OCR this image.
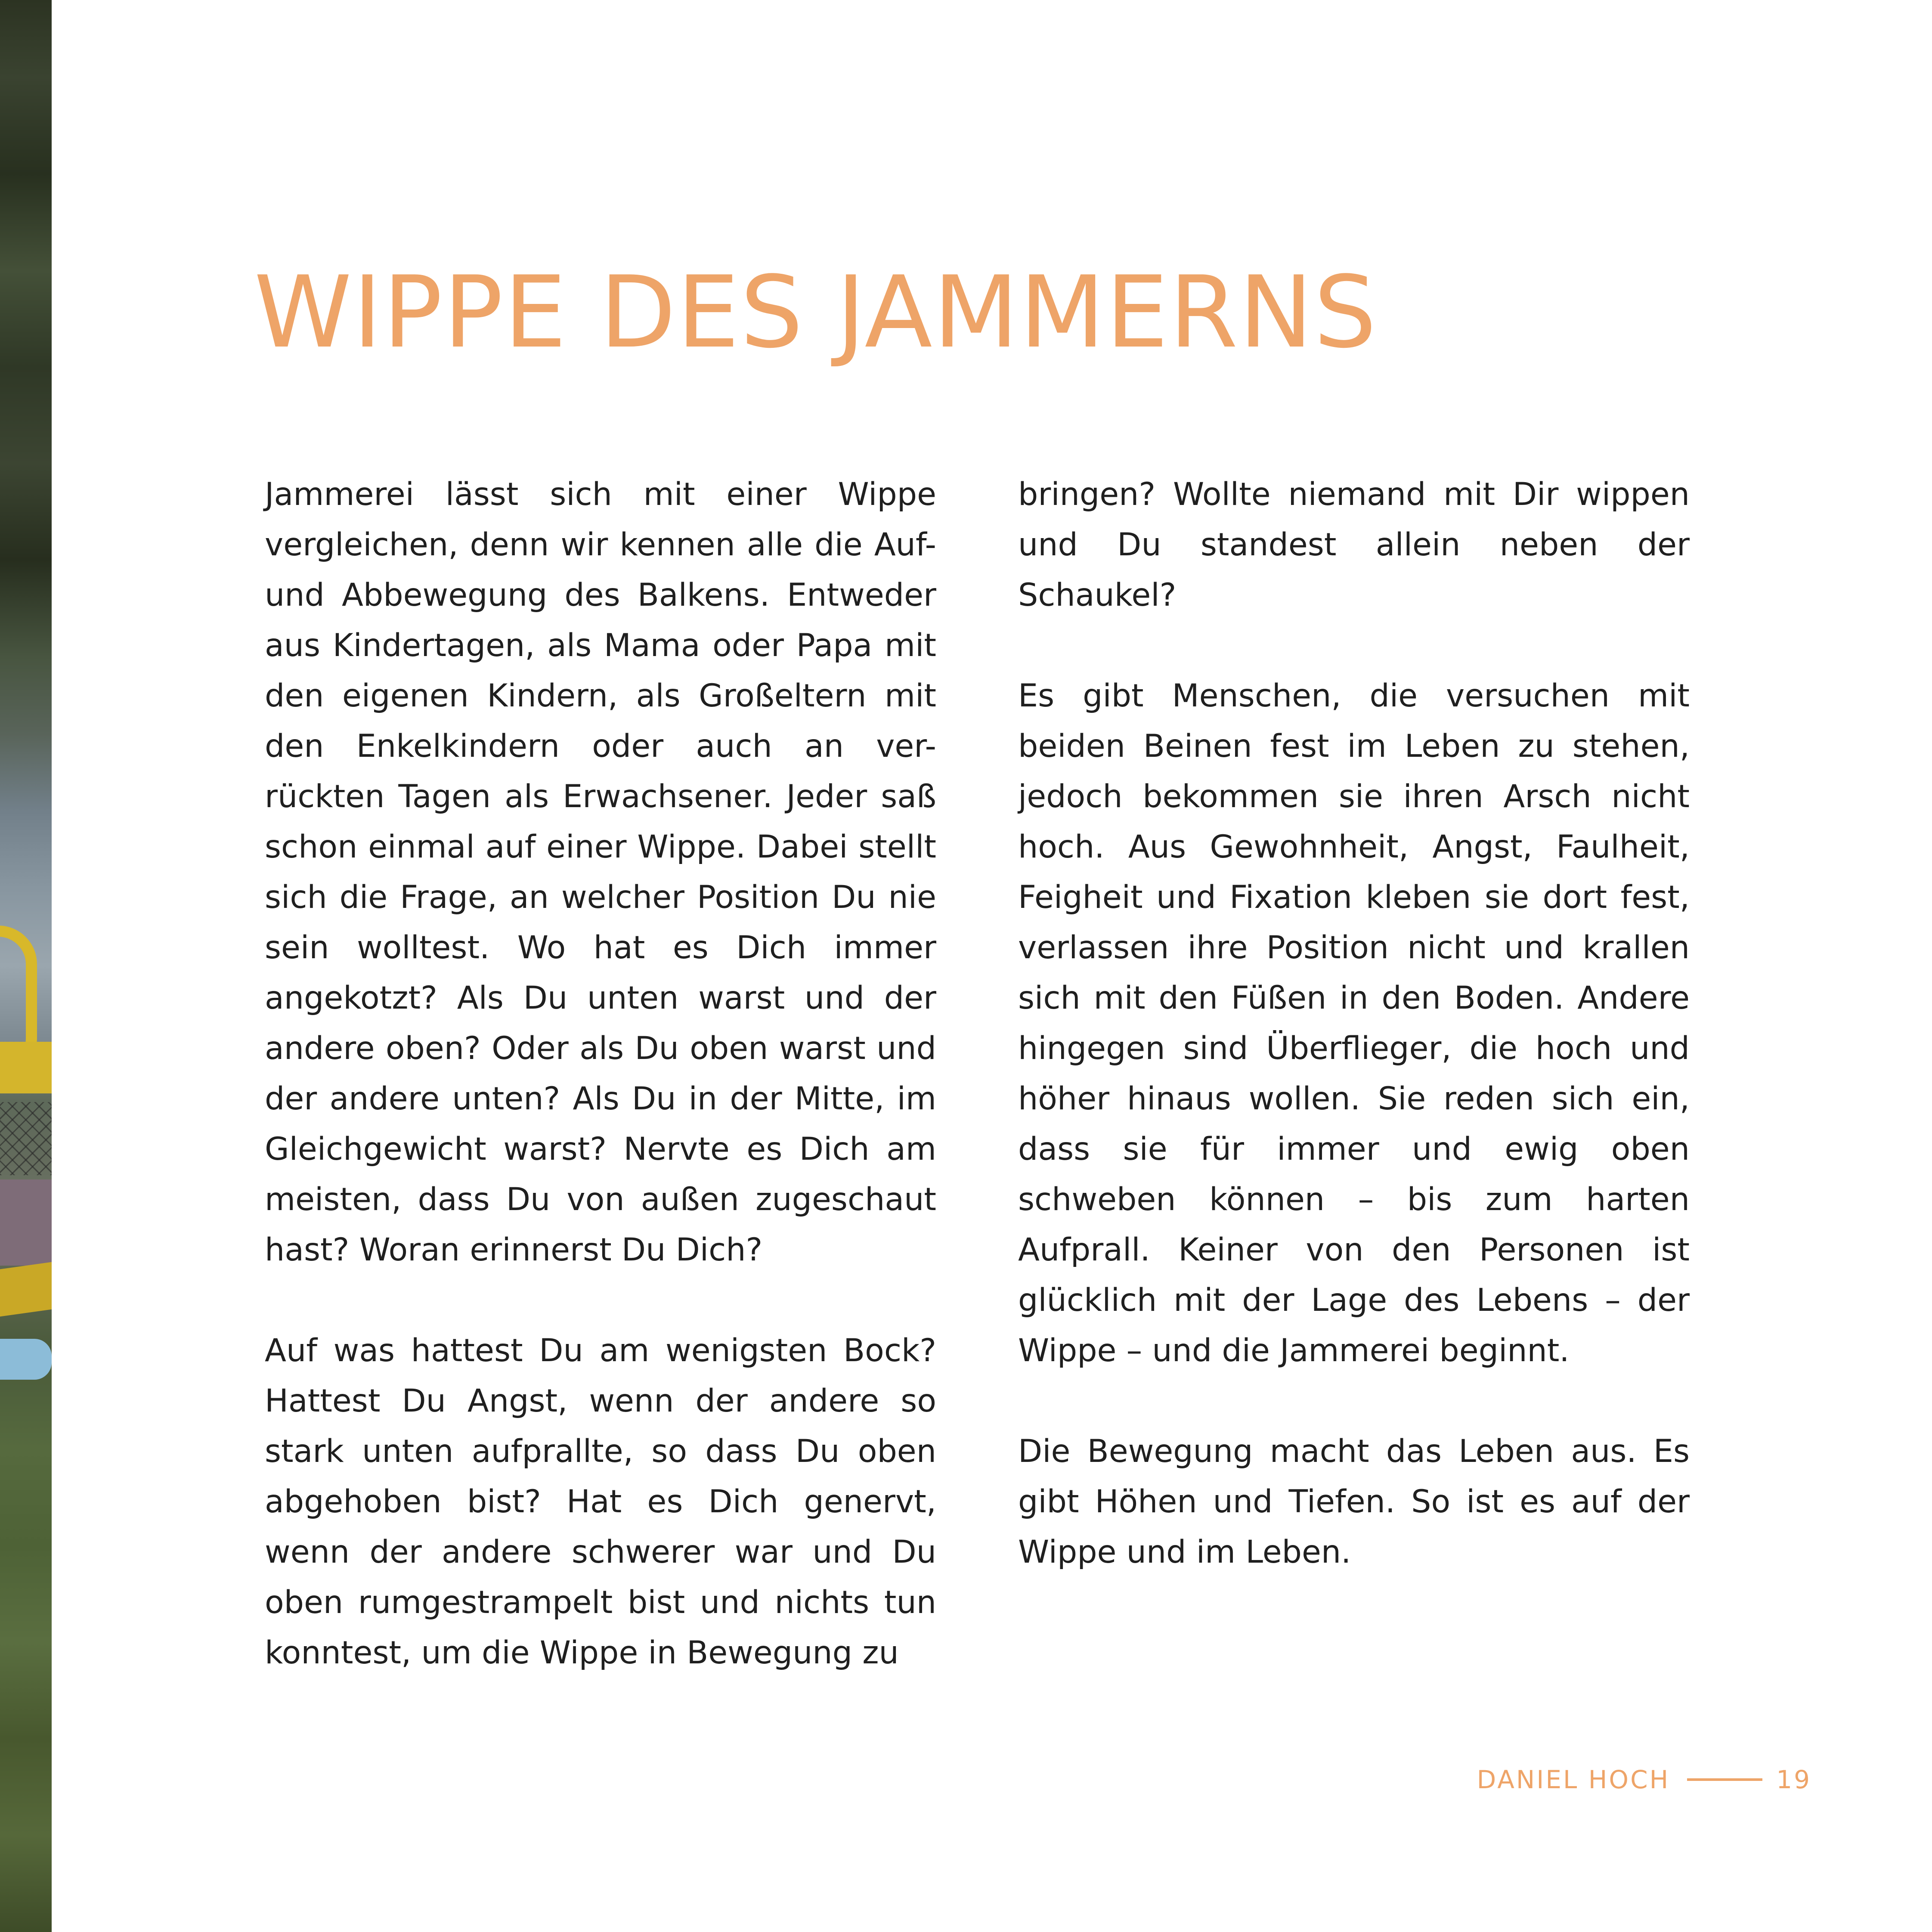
WIPPE DES JAMMERNS

Jammerei lässt sich mit einer Wippe vergleichen, denn wir kennen alle die Auf- und Abbewegung des Balkens. Entweder aus Kindertagen, als Mama oder Papa mit den eigenen Kindern, als Großeltern mit den Enkelkindern oder auch an ver-rückten Tagen als Erwachsener. Jeder saß schon einmal auf einer Wippe. Dabei stellt sich die Frage, an welcher Position Du nie sein wolltest. Wo hat es Dich immer angekotzt? Als Du unten warst und der andere oben? Oder als Du oben warst und der andere unten? Als Du in der Mitte, im Gleichgewicht warst? Nervte es Dich am meisten, dass Du von außen zugeschaut hast? Woran erinnerst Du Dich?

Auf was hattest Du am wenigsten Bock? Hattest Du Angst, wenn der andere so stark unten aufprallte, so dass Du oben abgehoben bist? Hat es Dich genervt, wenn der andere schwerer war und Du oben rumgestrampelt bist und nichts tun konntest, um die Wippe in Bewegung zu

bringen? Wollte niemand mit Dir wippen und Du standest allein neben der Schaukel?

Es gibt Menschen, die versuchen mit beiden Beinen fest im Leben zu stehen, jedoch bekommen sie ihren Arsch nicht hoch. Aus Gewohnheit, Angst, Faulheit, Feigheit und Fixation kleben sie dort fest, verlassen ihre Position nicht und krallen sich mit den Füßen in den Boden. Andere hingegen sind Überflieger, die hoch und höher hinaus wollen. Sie reden sich ein, dass sie für immer und ewig oben schweben können – bis zum harten Aufprall. Keiner von den Personen ist glücklich mit der Lage des Lebens – der Wippe – und die Jammerei beginnt.

Die Bewegung macht das Leben aus. Es gibt Höhen und Tiefen. So ist es auf der Wippe und im Leben.

DANIEL HOCH	19
